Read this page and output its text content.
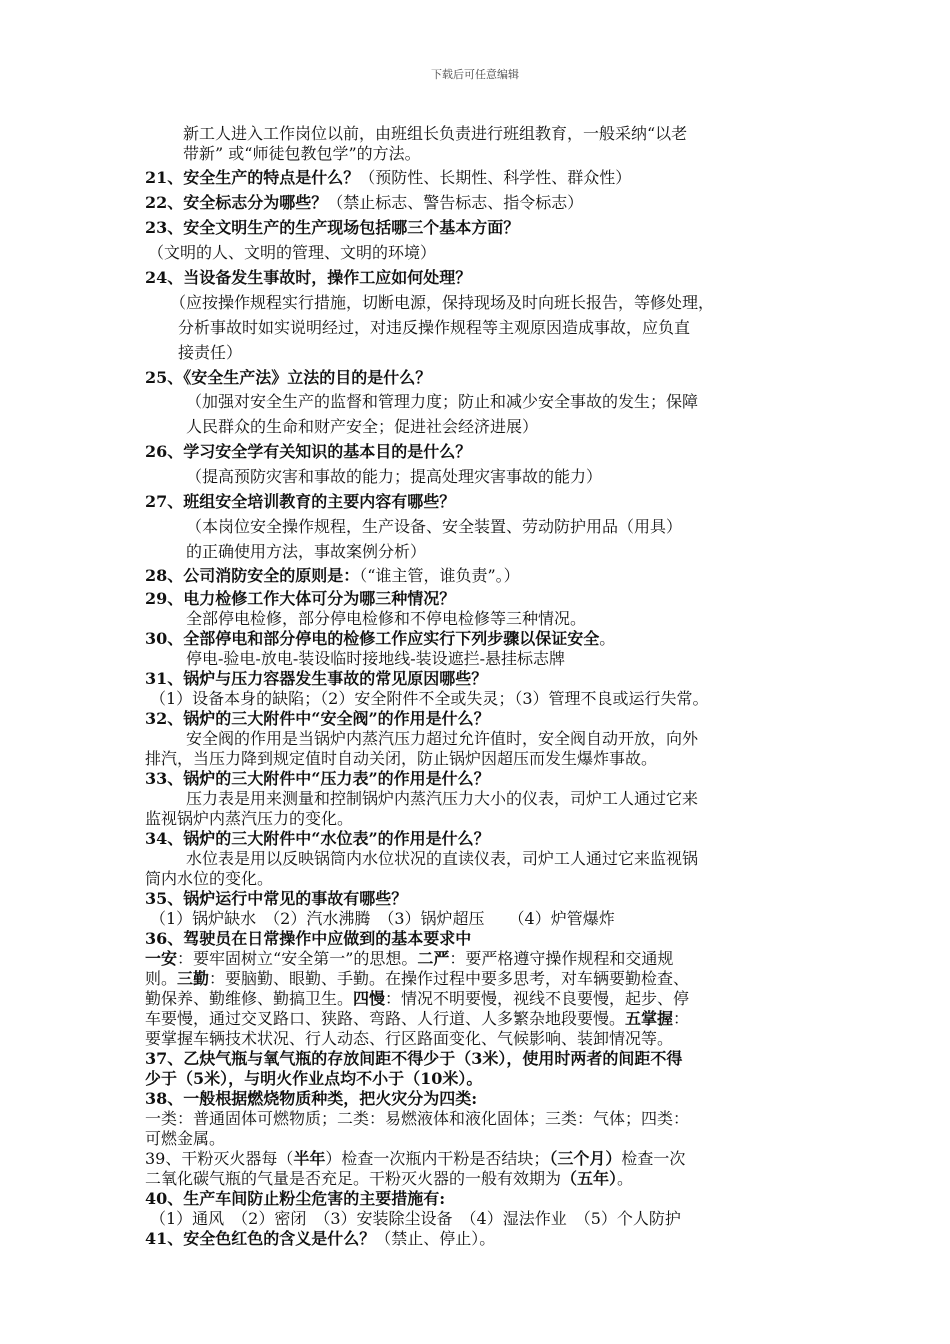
下载后可任意编辑
新工人进入工作岗位以前，由班组长负责进行班组教育，一般采纳“以老
带新” 或“师徒包教包学”的方法。
21、安全生产的特点是什么？（预防性、长期性、科学性、群众性）
22、安全标志分为哪些？（禁止标志、警告标志、指令标志）
23、安全文明生产的生产现场包括哪三个基本方面？
（文明的人、文明的管理、文明的环境）
24、当设备发生事故时，操作工应如何处理？
（应按操作规程实行措施，切断电源，保持现场及时向班长报告，等修处理，
分析事故时如实说明经过，对违反操作规程等主观原因造成事故，应负直
接责任）
25、《安全生产法》立法的目的是什么？
（加强对安全生产的监督和管理力度；防止和减少安全事故的发生；保障
人民群众的生命和财产安全；促进社会经济进展）
26、学习安全学有关知识的基本目的是什么？
（提高预防灾害和事故的能力；提高处理灾害事故的能力）
27、班组安全培训教育的主要内容有哪些？
（本岗位安全操作规程，生产设备、安全装置、劳动防护用品（用具）
的正确使用方法，事故案例分析）
28、公司消防安全的原则是：（“谁主管，谁负责”。）
29、电力检修工作大体可分为哪三种情况？
全部停电检修，部分停电检修和不停电检修等三种情况。
30、全部停电和部分停电的检修工作应实行下列步骤以保证安全。
停电-验电-放电-装设临时接地线-装设遮拦-悬挂标志牌
31、锅炉与压力容器发生事故的常见原因哪些？
（1）设备本身的缺陷；（2）安全附件不全或失灵；（3）管理不良或运行失常。
32、锅炉的三大附件中“安全阀”的作用是什么？
安全阀的作用是当锅炉内蒸汽压力超过允许值时，安全阀自动开放，向外
排汽，当压力降到规定值时自动关闭，防止锅炉因超压而发生爆炸事故。
33、锅炉的三大附件中“压力表”的作用是什么？
压力表是用来测量和控制锅炉内蒸汽压力大小的仪表，司炉工人通过它来
监视锅炉内蒸汽压力的变化。
34、锅炉的三大附件中“水位表”的作用是什么？
水位表是用以反映锅筒内水位状况的直读仪表，司炉工人通过它来监视锅
筒内水位的变化。
35、锅炉运行中常见的事故有哪些？
（1）锅炉缺水　（2）汽水沸腾　（3）锅炉超压　　（4）炉管爆炸
36、驾驶员在日常操作中应做到的基本要求中
一安：要牢固树立“安全第一”的思想。二严：要严格遵守操作规程和交通规
则。三勤：要脑勤、眼勤、手勤。在操作过程中要多思考，对车辆要勤检查、
勤保养、勤维修、勤搞卫生。四慢：情况不明要慢，视线不良要慢，起步、停
车要慢，通过交叉路口、狭路、弯路、人行道、人多繁杂地段要慢。五掌握：
要掌握车辆技术状况、行人动态、行区路面变化、气候影响、装卸情况等。
37、乙炔气瓶与氧气瓶的存放间距不得少于（3米），使用时两者的间距不得
少于（5米），与明火作业点均不小于（10米）。
38、一般根据燃烧物质种类，把火灾分为四类:
一类：普通固体可燃物质；二类：易燃液体和液化固体；三类：气体；四类：
可燃金属。
39、干粉灭火器每（半年）检查一次瓶内干粉是否结块；（三个月）检查一次
二氧化碳气瓶的气量是否充足。干粉灭火器的一般有效期为（五年）。
40、生产车间防止粉尘危害的主要措施有:
（1）通风　（2）密闭　（3）安装除尘设备　（4）湿法作业　（5）个人防护
41、安全色红色的含义是什么？（禁止、停止）。
